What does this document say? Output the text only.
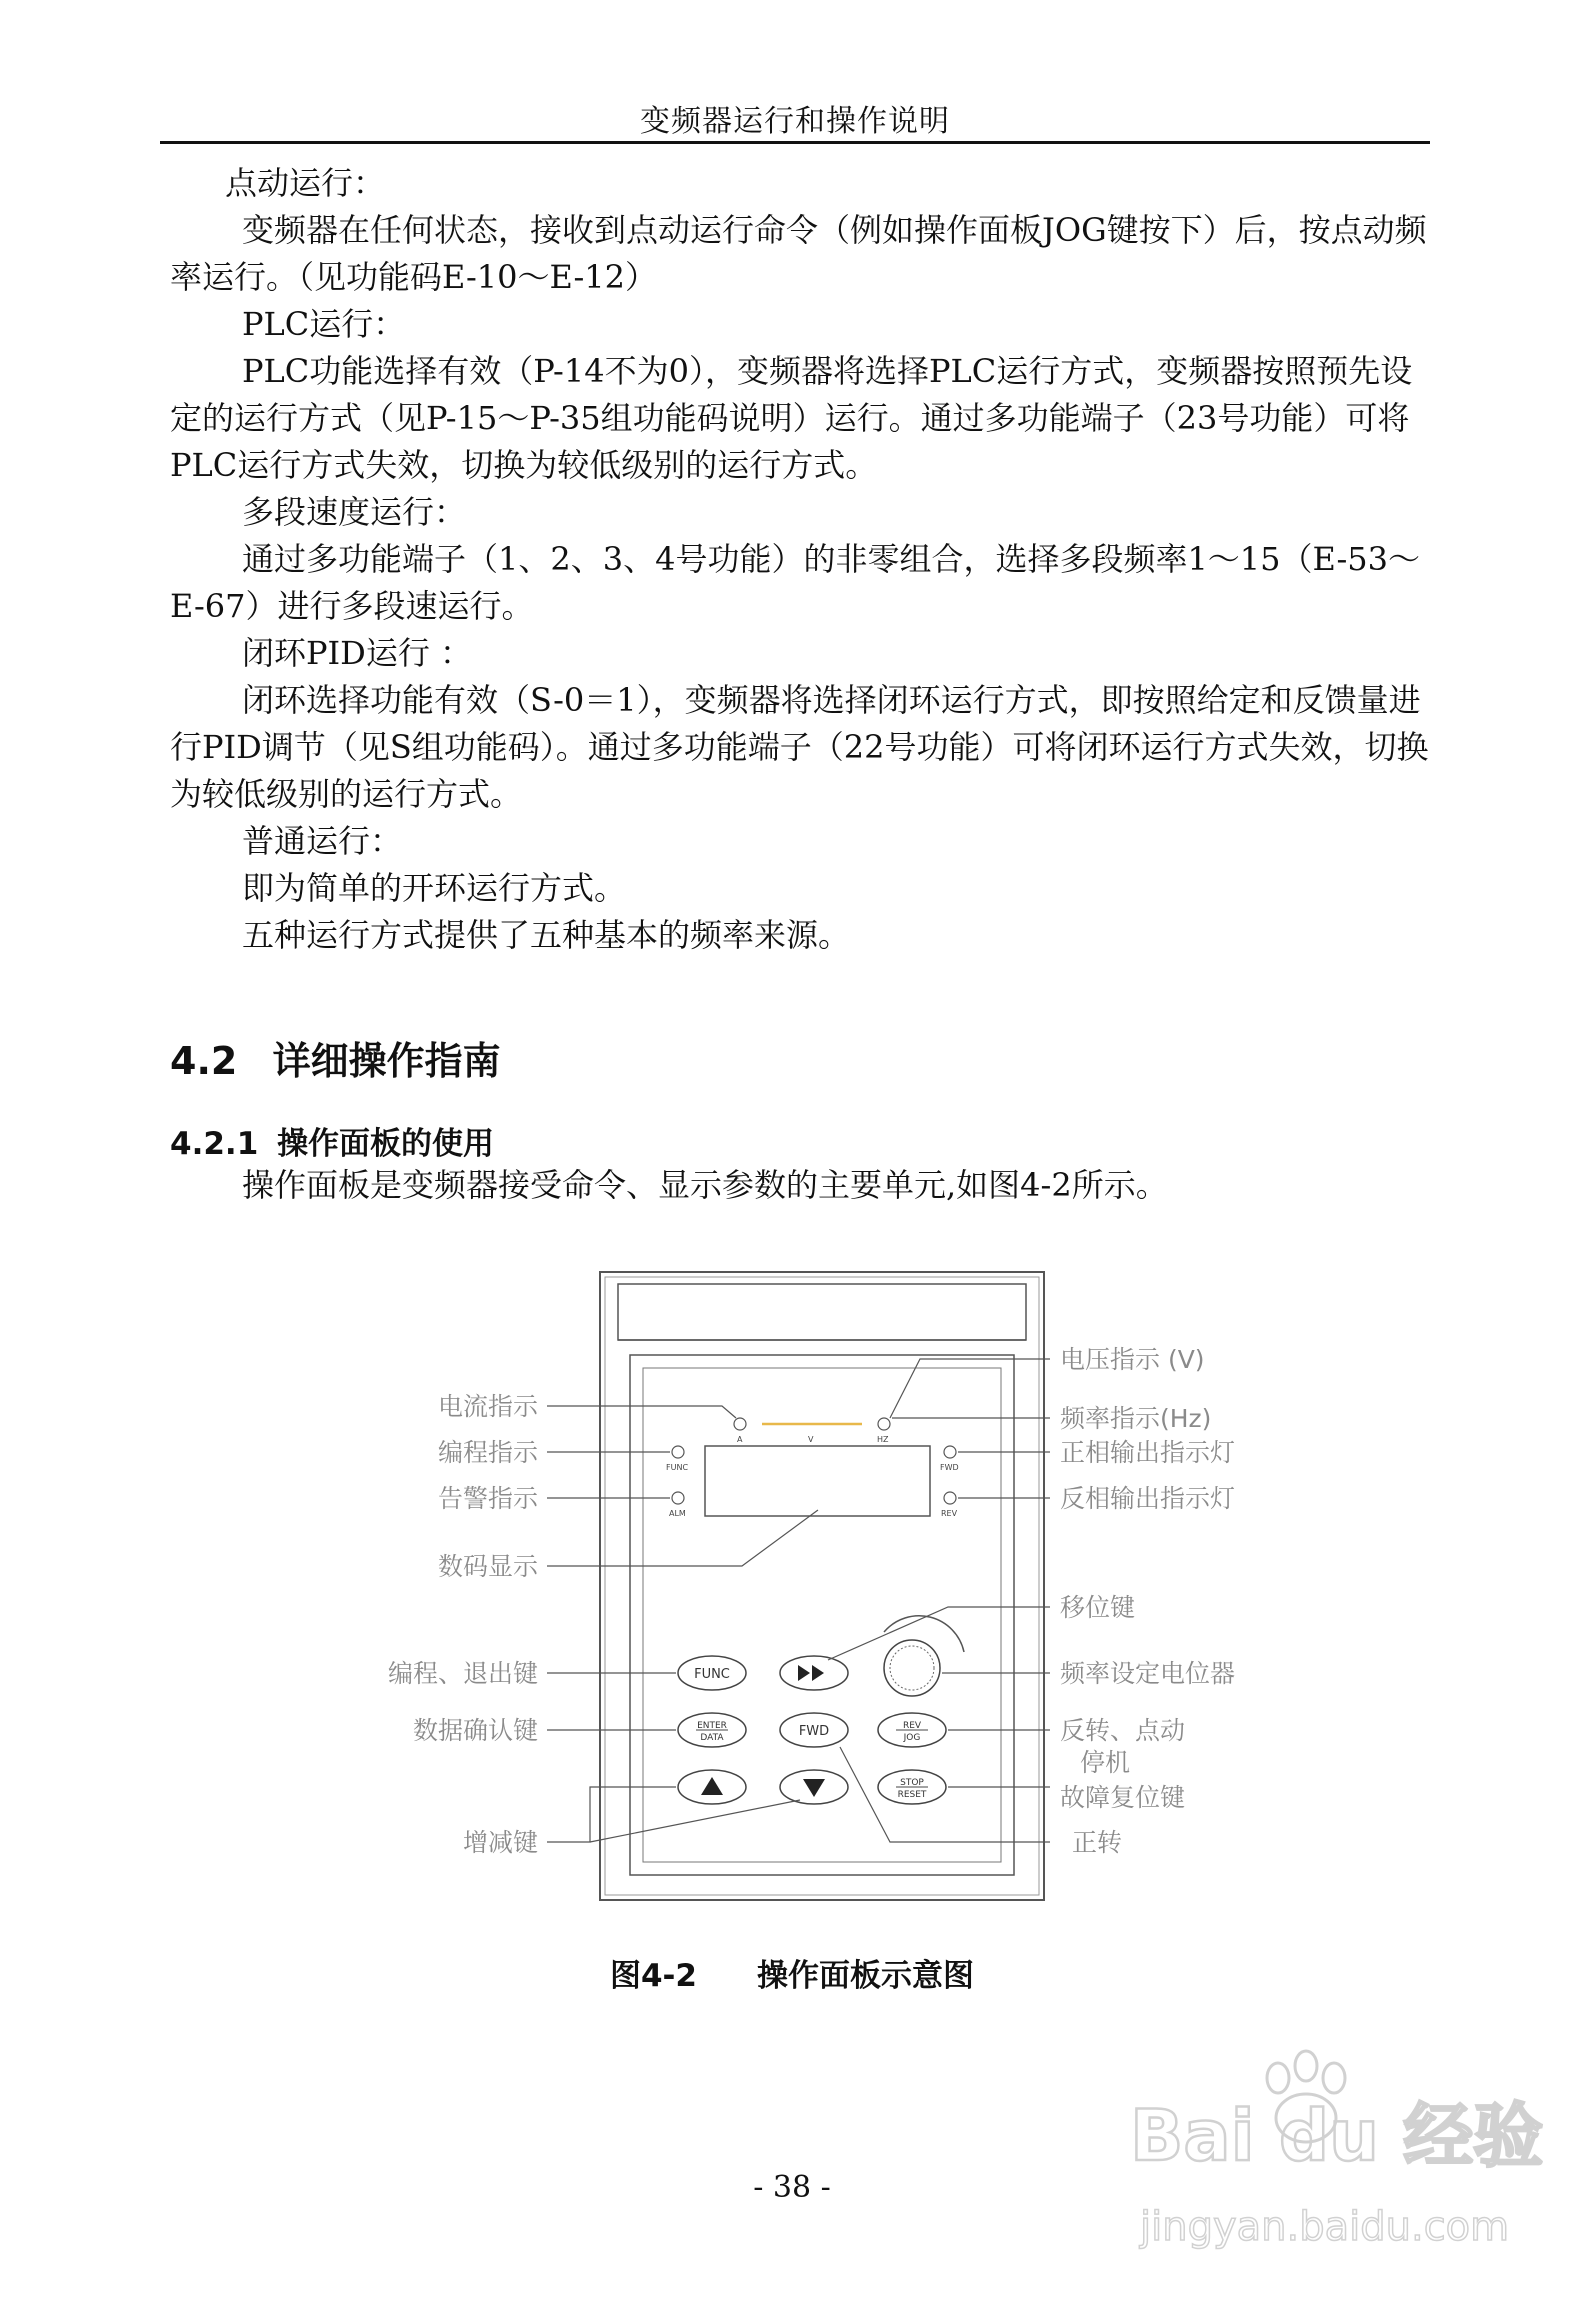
变频器运行和操作说明
点动运行：
变频器在任何状态，接收到点动运行命令（例如操作面板JOG键按下）后，按点动频率运行。（见功能码E-10～E-12）
PLC运行：
PLC功能选择有效（P-14不为0），变频器将选择PLC运行方式，变频器按照预先设定的运行方式（见P-15～P-35组功能码说明）运行。通过多功能端子（23号功能）可将PLC运行方式失效，切换为较低级别的运行方式。
多段速度运行：
通过多功能端子（1、2、3、4号功能）的非零组合，选择多段频率1～15（E-53～E-67）进行多段速运行。
闭环PID运行 ：
闭环选择功能有效（S-0＝1），变频器将选择闭环运行方式，即按照给定和反馈量进行PID调节（见S组功能码）。通过多功能端子（22号功能）可将闭环运行方式失效，切换为较低级别的运行方式。
普通运行：
即为简单的开环运行方式。
五种运行方式提供了五种基本的频率来源。
4.2 详细操作指南
4.2.1 操作面板的使用
操作面板是变频器接受命令、显示参数的主要单元,如图4-2所示。
A	V	HZ
FUNC
ALM
FWD
REV
FUNC
ENTER
DATA	FWD	REV
JOG
STOP
RESET
电流指示
编程指示
告警指示
数码显示
编程、退出键
数据确认键
增减键
电压指示 (V)
频率指示(Hz)
正相输出指示灯
反相输出指示灯
移位键
频率设定电位器
反转、点动
停机
故障复位键
正转
Bai du 经验
jingyan.baidu.com
图4-2 操作面板示意图
- 38 -
